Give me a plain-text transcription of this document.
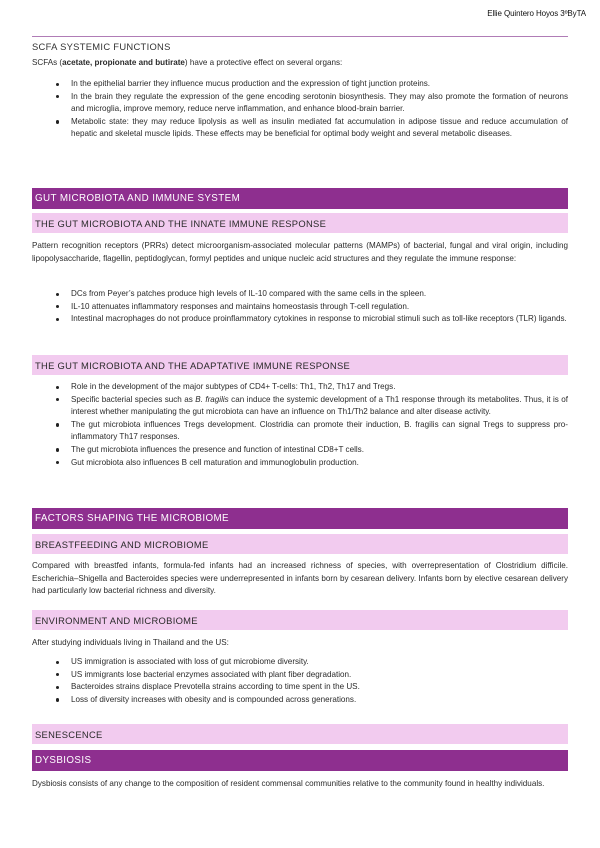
Ellie Quintero Hoyos 3ºByTA
SCFA SYSTEMIC FUNCTIONS

SCFAs (acetate, propionate and butirate) have a protective effect on several organs:

In the epithelial barrier they influence mucus production and the expression of tight junction proteins.
In the brain they regulate the expression of the gene encoding serotonin biosynthesis. They may also promote the formation of neurons and microglia, improve memory, reduce nerve inflammation, and enhance blood-brain barrier.
Metabolic state: they may reduce lipolysis as well as insulin mediated fat accumulation in adipose tissue and reduce accumulation of hepatic and skeletal muscle lipids. These effects may be beneficial for optimal body weight and several metabolic diseases.
GUT MICROBIOTA AND IMMUNE SYSTEM
THE GUT MICROBIOTA AND THE INNATE IMMUNE RESPONSE

Pattern recognition receptors (PRRs) detect microorganism-associated molecular patterns (MAMPs) of bacterial, fungal and viral origin, including lipopolysaccharide, flagellin, peptidoglycan, formyl peptides and unique nucleic acid structures and they regulate the immune response:

DCs from Peyer’s patches produce high levels of IL-10 compared with the same cells in the spleen.
IL-10 attenuates inflammatory responses and maintains homeostasis through T-cell regulation.
Intestinal macrophages do not produce proinflammatory cytokines in response to microbial stimuli such as toll-like receptors (TLR) ligands.
THE GUT MICROBIOTA AND THE ADAPTATIVE IMMUNE RESPONSE
Role in the development of the major subtypes of CD4+ T-cells: Th1, Th2, Th17 and Tregs.
Specific bacterial species such as B. fragilis can induce the systemic development of a Th1 response through its metabolites. Thus, it is of interest whether manipulating the gut microbiota can have an influence on Th1/Th2 balance and alter disease activity.
The gut microbiota influences Tregs development. Clostridia can promote their induction, B. fragilis can signal Tregs to suppress pro-inflammatory Th17 responses.
The gut microbiota influences the presence and function of intestinal CD8+T cells.
Gut microbiota also influences B cell maturation and immunoglobulin production.
FACTORS SHAPING THE MICROBIOME
BREASTFEEDING AND MICROBIOME

Compared with breastfed infants, formula-fed infants had an increased richness of species, with overrepresentation of Clostridium difficile. Escherichia–Shigella and Bacteroides species were underrepresented in infants born by cesarean delivery. Infants born by elective cesarean delivery had particularly low bacterial richness and diversity.

ENVIRONMENT AND MICROBIOME

After studying individuals living in Thailand and the US:

US immigration is associated with loss of gut microbiome diversity.
US immigrants lose bacterial enzymes associated with plant fiber degradation.
Bacteroides strains displace Prevotella strains according to time spent in the US.
Loss of diversity increases with obesity and is compounded across generations.
SENESCENCE
DYSBIOSIS

Dysbiosis consists of any change to the composition of resident commensal communities relative to the community found in healthy individuals.
